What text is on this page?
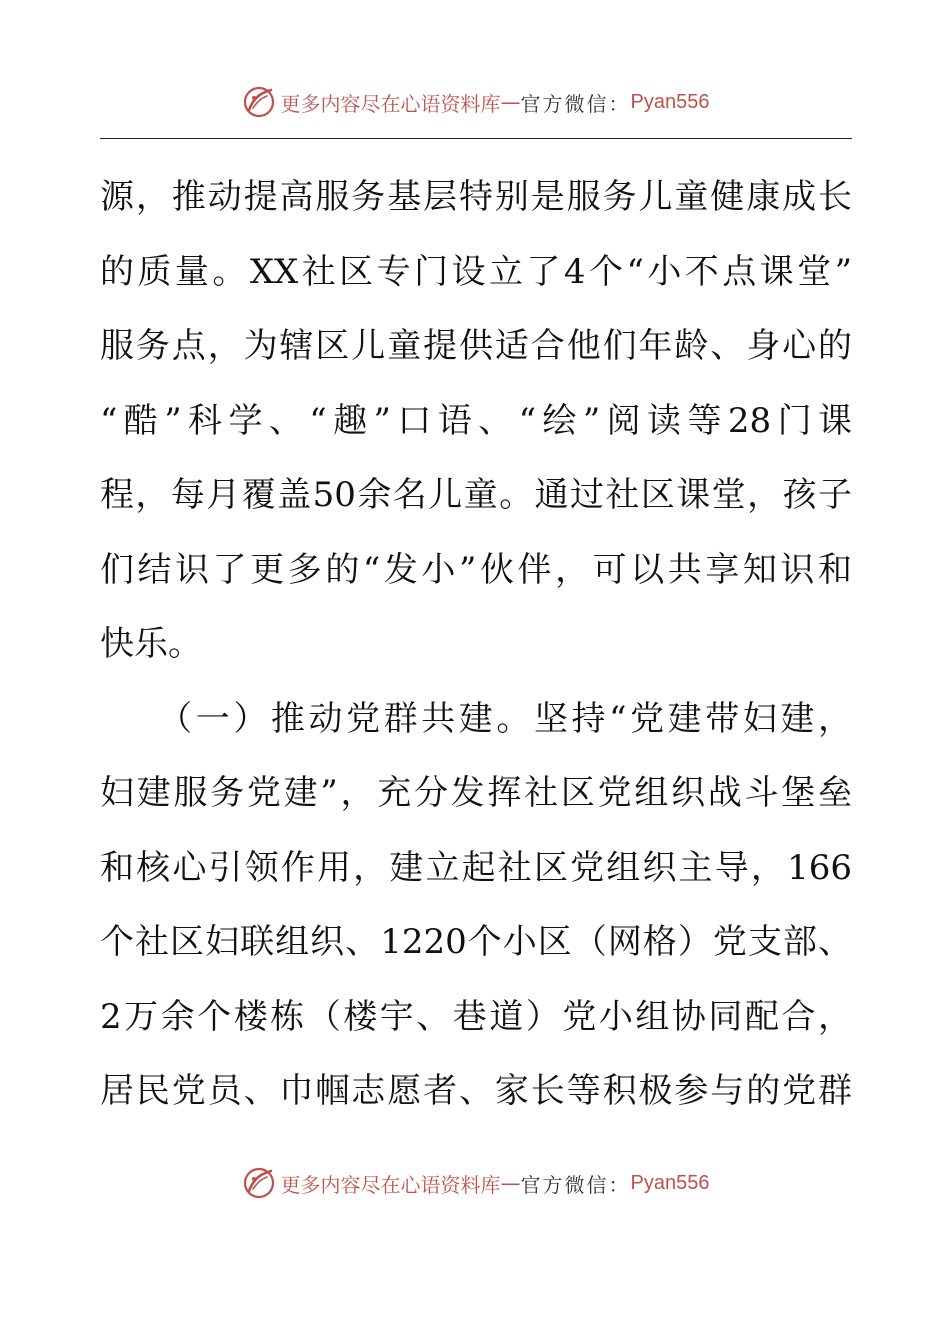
更多内容尽在心语资料库 — 官方微信： Pyan556
源，推动提高服务基层特别是服务儿童健康成长
的质量。XX社区专门设立了4个“小不点课堂”
服务点，为辖区儿童提供适合他们年龄、身心的
“酷”科学、“趣”口语、“绘”阅读等28门课
程，每月覆盖50余名儿童。通过社区课堂，孩子
们结识了更多的“发小”伙伴，可以共享知识和
快乐。
　　（一）推动党群共建。坚持“党建带妇建，
妇建服务党建”，充分发挥社区党组织战斗堡垒
和核心引领作用，建立起社区党组织主导，166
个社区妇联组织、1220个小区（网格）党支部、
2万余个楼栋（楼宇、巷道）党小组协同配合，
居民党员、巾帼志愿者、家长等积极参与的党群
更多内容尽在心语资料库 — 官方微信： Pyan556
